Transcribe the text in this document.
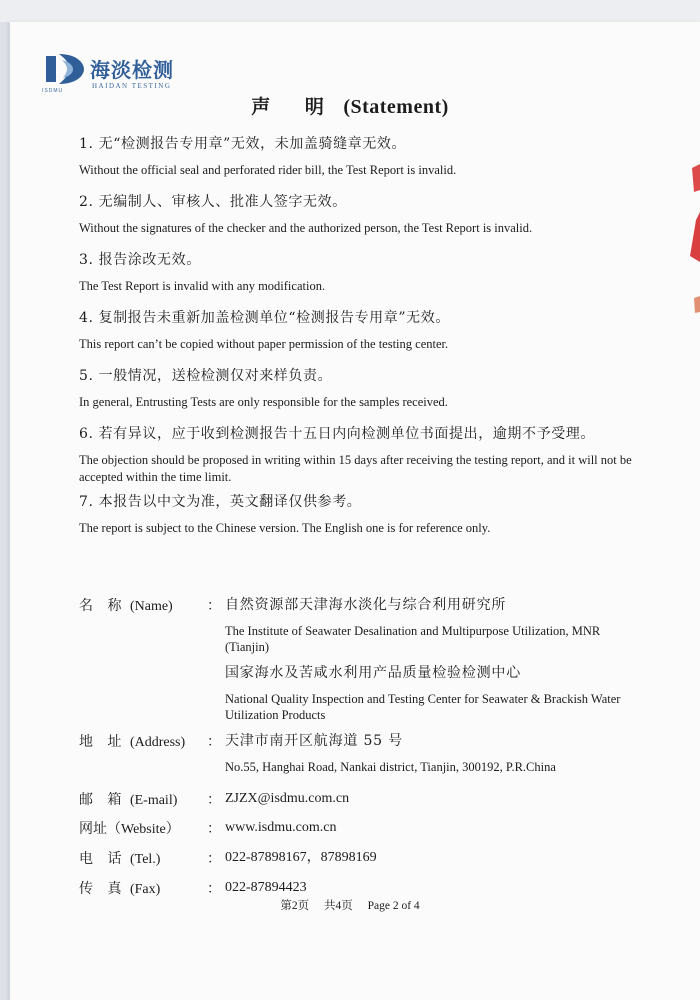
海淡检测
HAIDAN TESTING
ISDMU
声 明 (Statement)
1. 无“检测报告专用章”无效，未加盖骑缝章无效。
Without the official seal and perforated rider bill, the Test Report is invalid.
2. 无编制人、审核人、批准人签字无效。
Without the signatures of the checker and the authorized person, the Test Report is invalid.
3. 报告涂改无效。
The Test Report is invalid with any modification.
4. 复制报告未重新加盖检测单位“检测报告专用章”无效。
This report can’t be copied without paper permission of the testing center.
5. 一般情况，送检检测仅对来样负责。
In general, Entrusting Tests are only responsible for the samples received.
6. 若有异议，应于收到检测报告十五日内向检测单位书面提出，逾期不予受理。
The objection should be proposed in writing within 15 days after receiving the testing report, and it will not be accepted within the time limit.
7. 本报告以中文为准，英文翻译仅供参考。
The report is subject to the Chinese version. The English one is for reference only.
名 称 (Name) ： 自然资源部天津海水淡化与综合利用研究所
The Institute of Seawater Desalination and Multipurpose Utilization, MNR (Tianjin)
国家海水及苦咸水利用产品质量检验检测中心
National Quality Inspection and Testing Center for Seawater & Brackish Water Utilization Products
地 址 (Address) ： 天津市南开区航海道 55 号
No.55, Hanghai Road, Nankai district, Tianjin, 300192, P.R.China
邮 箱 (E-mail) ： ZJZX@isdmu.com.cn
网址（Website） ： www.isdmu.com.cn
电 话 (Tel.)	： 022-87898167，87898169
传 真 (Fax)	： 022-87894423
第2页 共4页 Page 2 of 4
